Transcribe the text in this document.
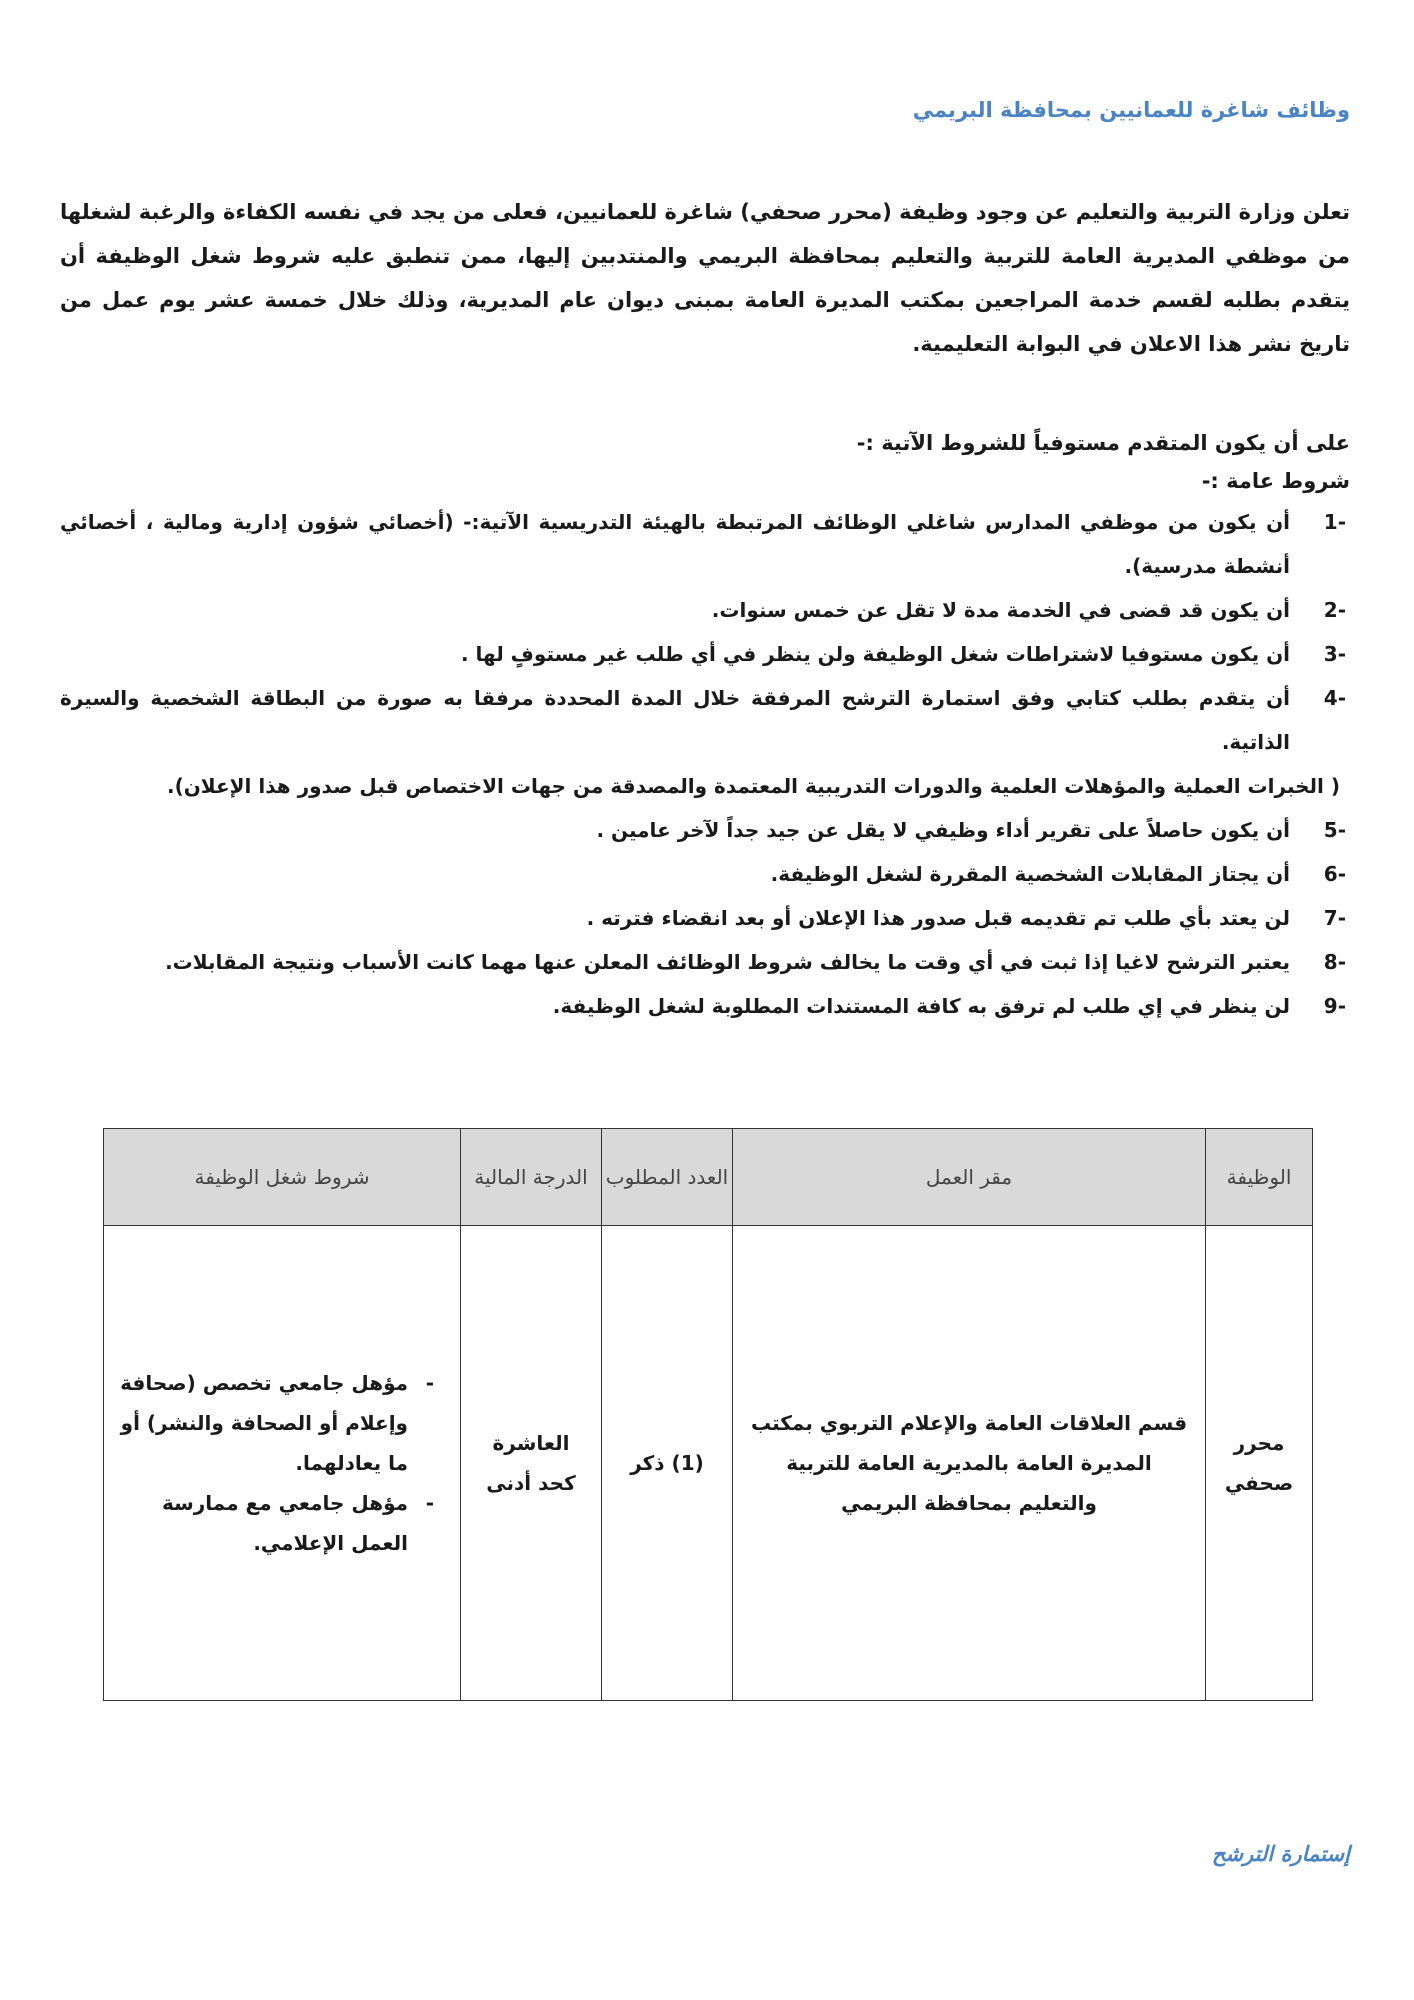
وظائف شاغرة للعمانيين بمحافظة البريمي

تعلن وزارة التربية والتعليم عن وجود وظيفة (محرر صحفي) شاغرة للعمانيين، فعلى من يجد في نفسه الكفاءة والرغبة لشغلها من موظفي المديرية العامة للتربية والتعليم بمحافظة البريمي والمنتدبين إليها، ممن تنطبق عليه شروط شغل الوظيفة أن يتقدم بطلبه لقسم خدمة المراجعين بمكتب المديرة العامة بمبنى ديوان عام المديرية، وذلك خلال خمسة عشر يوم عمل من تاريخ نشر هذا الاعلان في البوابة التعليمية.

على أن يكون المتقدم مستوفياً للشروط الآتية :-
شروط عامة :-
-1
أن يكون من موظفي المدارس شاغلي الوظائف المرتبطة بالهيئة التدريسية الآتية:- (أخصائي شؤون إدارية ومالية ، أخصائي أنشطة مدرسية).
-2
أن يكون قد قضى في الخدمة مدة لا تقل عن خمس سنوات.
-3
أن يكون مستوفيا لاشتراطات شغل الوظيفة ولن ينظر في أي طلب غير مستوفٍ لها .
-4
أن يتقدم بطلب كتابي وفق استمارة الترشح المرفقة خلال المدة المحددة مرفقا به صورة من البطاقة الشخصية والسيرة الذاتية.
( الخبرات العملية والمؤهلات العلمية والدورات التدريبية المعتمدة والمصدقة من جهات الاختصاص قبل صدور هذا الإعلان).
-5
أن يكون حاصلاً على تقرير أداء وظيفي لا يقل عن جيد جداً لآخر عامين .
-6
أن يجتاز المقابلات الشخصية المقررة لشغل الوظيفة.
-7
لن يعتد بأي طلب تم تقديمه قبل صدور هذا الإعلان أو بعد انقضاء فترته .
-8
يعتبر الترشح لاغيا إذا ثبت في أي وقت ما يخالف شروط الوظائف المعلن عنها مهما كانت الأسباب ونتيجة المقابلات.
-9
لن ينظر في إي طلب لم ترفق به كافة المستندات المطلوبة لشغل الوظيفة.
الوظيفة	مقر العمل	العدد المطلوب	الدرجة المالية	شروط شغل الوظيفة
محرر صحفي	قسم العلاقات العامة والإعلام التربوي بمكتب المديرة العامة بالمديرية العامة للتربية والتعليم بمحافظة البريمي	(1) ذكر	العاشرة كحد أدنى	-
مؤهل جامعي تخصص (صحافة وإعلام أو الصحافة والنشر) أو ما يعادلهما.
-
مؤهل جامعي مع ممارسة العمل الإعلامي.
إستمارة الترشح
